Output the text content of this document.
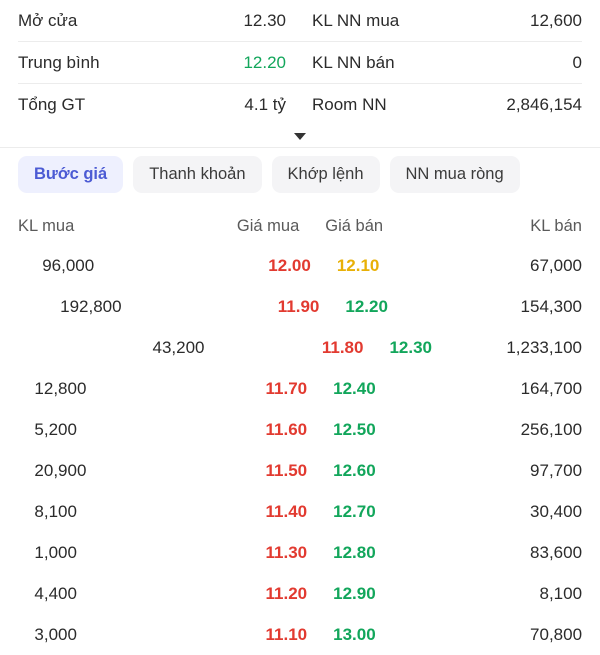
Mở cửa	12.30	KL NN mua	12,600
Trung bình	12.20	KL NN bán	0
Tổng GT	4.1 tỷ	Room NN	2,846,154
Bước giá	Thanh khoản	Khớp lệnh	NN mua ròng
KL mua	Giá mua	Giá bán	KL bán
96,000	12.00	12.10	67,000
192,800	11.90	12.20	154,300
43,200	11.80	12.30	1,233,100
12,800	11.70	12.40	164,700
5,200	11.60	12.50	256,100
20,900	11.50	12.60	97,700
8,100	11.40	12.70	30,400
1,000	11.30	12.80	83,600
4,400	11.20	12.90	8,100
3,000	11.10	13.00	70,800
